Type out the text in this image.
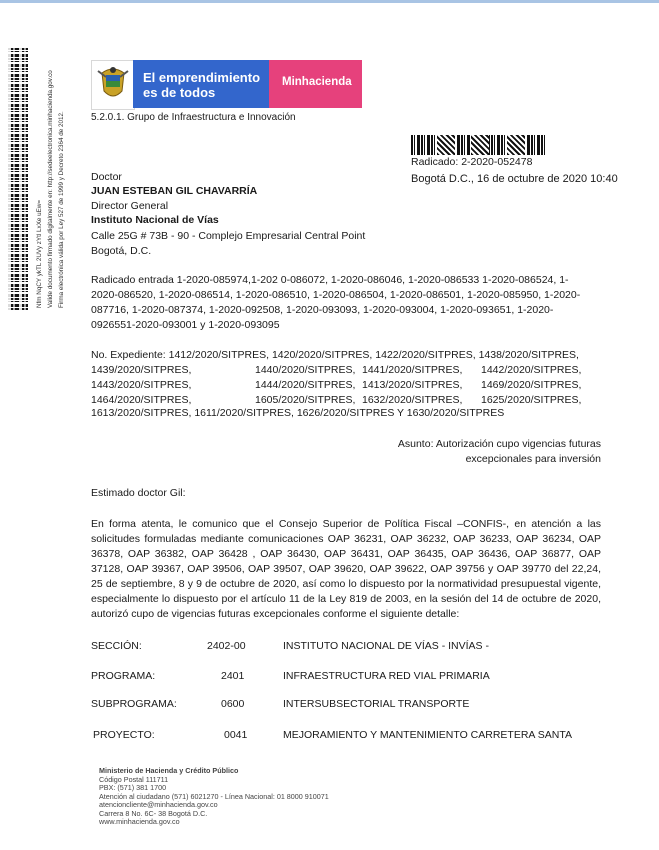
Nfm NqCY ykTL 2UVy zYtl LxXe uEw= Valide documento firmado digitalmente en: http://sedeelectronica.minhacienda.gov.co Firma electrónica válida por Ley 527 de 1999 y Decreto 2364 de 2012.
El emprendimiento
es de todos
Minhacienda
5.2.0.1. Grupo de Infraestructura e Innovación
Radicado: 2-2020-052478
Bogotá D.C., 16 de octubre de 2020 10:40
Doctor
JUAN ESTEBAN GIL CHAVARRÍA
Director General
Instituto Nacional de Vías
Calle 25G # 73B - 90 - Complejo Empresarial Central Point
Bogotá, D.C.
Radicado entrada 1-2020-085974,1-202 0-086072, 1-2020-086046, 1-2020-086533 1-2020-086524, 1-
2020-086520, 1-2020-086514, 1-2020-086510, 1-2020-086504, 1-2020-086501, 1-2020-085950, 1-2020-
087716, 1-2020-087374, 1-2020-092508, 1-2020-093093, 1-2020-093004, 1-2020-093651, 1-2020-
0926551-2020-093001 y 1-2020-093095
No. Expediente: 1412/2020/SITPRES, 1420/2020/SITPRES, 1422/2020/SITPRES, 1438/2020/SITPRES,
1439/2020/SITPRES,	1440/2020/SITPRES, 1441/2020/SITPRES, 1442/2020/SITPRES,
1443/2020/SITPRES,	1444/2020/SITPRES, 1413/2020/SITPRES, 1469/2020/SITPRES,
1464/2020/SITPRES,	1605/2020/SITPRES, 1632/2020/SITPRES, 1625/2020/SITPRES,
1613/2020/SITPRES, 1611/2020/SITPRES, 1626/2020/SITPRES Y 1630/2020/SITPRES
Asunto: Autorización cupo vigencias futuras
excepcionales para inversión
Estimado doctor Gil:
En forma atenta, le comunico que el Consejo Superior de Política Fiscal –CONFIS-, en atención a las solicitudes formuladas mediante comunicaciones OAP 36231, OAP 36232, OAP 36233, OAP 36234, OAP 36378, OAP 36382, OAP 36428 , OAP 36430, OAP 36431, OAP 36435, OAP 36436, OAP 36877, OAP 37128, OAP 39367, OAP 39506, OAP 39507, OAP 39620, OAP 39622, OAP 39756 y OAP 39770 del 22,24, 25 de septiembre, 8 y 9 de octubre de 2020, así como lo dispuesto por la normatividad presupuestal vigente, especialmente lo dispuesto por el artículo 11 de la Ley 819 de 2003, en la sesión del 14 de octubre de 2020, autorizó cupo de vigencias futuras excepcionales conforme el siguiente detalle:
SECCIÓN:	2402-00	INSTITUTO NACIONAL DE VÍAS - INVÍAS -
PROGRAMA:	2401	INFRAESTRUCTURA RED VIAL PRIMARIA
SUBPROGRAMA:	0600	INTERSUBSECTORIAL TRANSPORTE
PROYECTO:	0041	MEJORAMIENTO Y MANTENIMIENTO CARRETERA SANTA
Ministerio de Hacienda y Crédito Público
Código Postal 111711
PBX: (571) 381 1700
Atención al ciudadano (571) 6021270 - Línea Nacional: 01 8000 910071
atencioncliente@minhacienda.gov.co
Carrera 8 No. 6C- 38 Bogotá D.C.
www.minhacienda.gov.co
